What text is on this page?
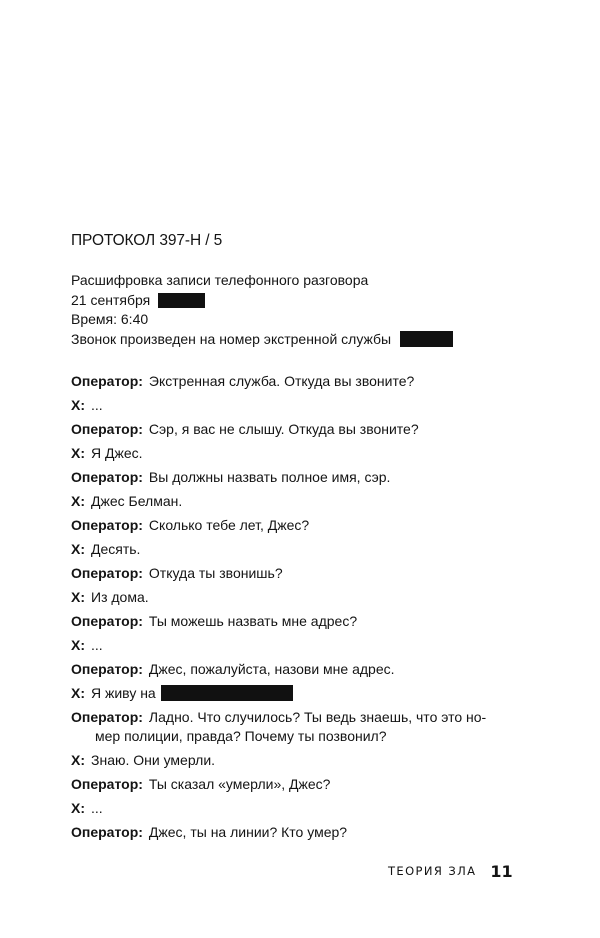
ПРОТОКОЛ 397-Н / 5
Расшифровка записи телефонного разговора
21 сентября
Время: 6:40
Звонок произведен на номер экстренной службы
Оператор: Экстренная служба. Откуда вы звоните?
Х: ...
Оператор: Сэр, я вас не слышу. Откуда вы звоните?
Х: Я Джес.
Оператор: Вы должны назвать полное имя, сэр.
Х: Джес Белман.
Оператор: Сколько тебе лет, Джес?
Х: Десять.
Оператор: Откуда ты звонишь?
Х: Из дома.
Оператор: Ты можешь назвать мне адрес?
Х: ...
Оператор: Джес, пожалуйста, назови мне адрес.
Х: Я живу на
Оператор: Ладно. Что случилось? Ты ведь знаешь, что это но-
мер полиции, правда? Почему ты позвонил?
Х: Знаю. Они умерли.
Оператор: Ты сказал «умерли», Джес?
Х: ...
Оператор: Джес, ты на линии? Кто умер?
ТЕОРИЯ ЗЛА 11
